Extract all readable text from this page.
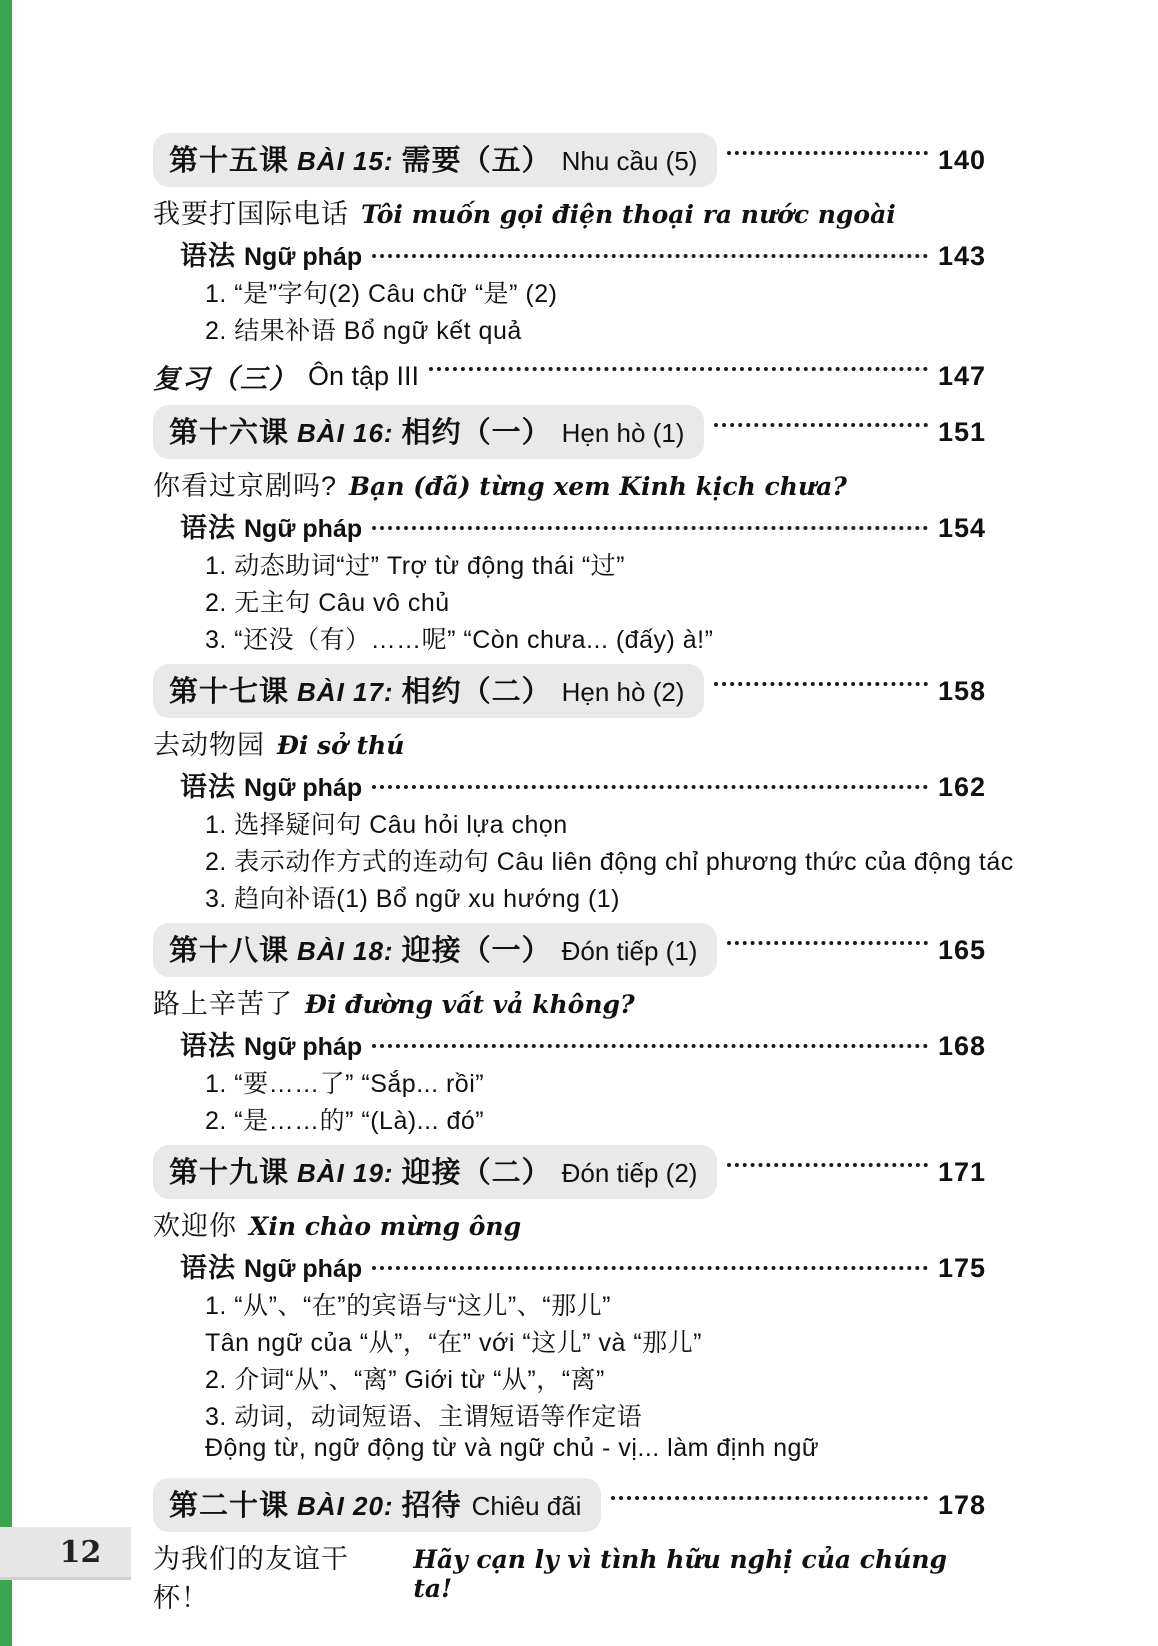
第十五课 BÀI 15: 需要（五） Nhu cầu (5)	140
我要打国际电话 Tôi muốn gọi điện thoại ra nước ngoài
语法 Ngữ pháp	143
1. “是”字句(2) Câu chữ “是” (2)
2. 结果补语 Bổ ngữ kết quả
复习（三） Ôn tập III	147
第十六课 BÀI 16: 相约（一） Hẹn hò (1)	151
你看过京剧吗? Bạn (đã) từng xem Kinh kịch chưa?
语法 Ngữ pháp	154
1. 动态助词“过” Trợ từ động thái “过”
2. 无主句 Câu vô chủ
3. “还没（有）……呢” “Còn chưa... (đấy) à!”
第十七课 BÀI 17: 相约（二） Hẹn hò (2)	158
去动物园 Đi sở thú
语法 Ngữ pháp	162
1. 选择疑问句 Câu hỏi lựa chọn
2. 表示动作方式的连动句 Câu liên động chỉ phương thức của động tác
3. 趋向补语(1) Bổ ngữ xu hướng (1)
第十八课 BÀI 18: 迎接（一） Đón tiếp (1)	165
路上辛苦了 Đi đường vất vả không?
语法 Ngữ pháp	168
1. “要……了” “Sắp... rồi”
2. “是……的” “(Là)... đó”
第十九课 BÀI 19: 迎接（二） Đón tiếp (2)	171
欢迎你 Xin chào mừng ông
语法 Ngữ pháp	175
1. “从”、“在”的宾语与“这儿”、“那儿”
Tân ngữ của “从”，“在” với “这儿” và “那儿”
2. 介词“从”、“离” Giới từ “从”，“离”
3. 动词，动词短语、主谓短语等作定语
Động từ, ngữ động từ và ngữ chủ - vị... làm định ngữ
第二十课 BÀI 20: 招待 Chiêu đãi	178
为我们的友谊干杯！
Hãy cạn ly vì tình hữu nghị của chúng ta!
12
